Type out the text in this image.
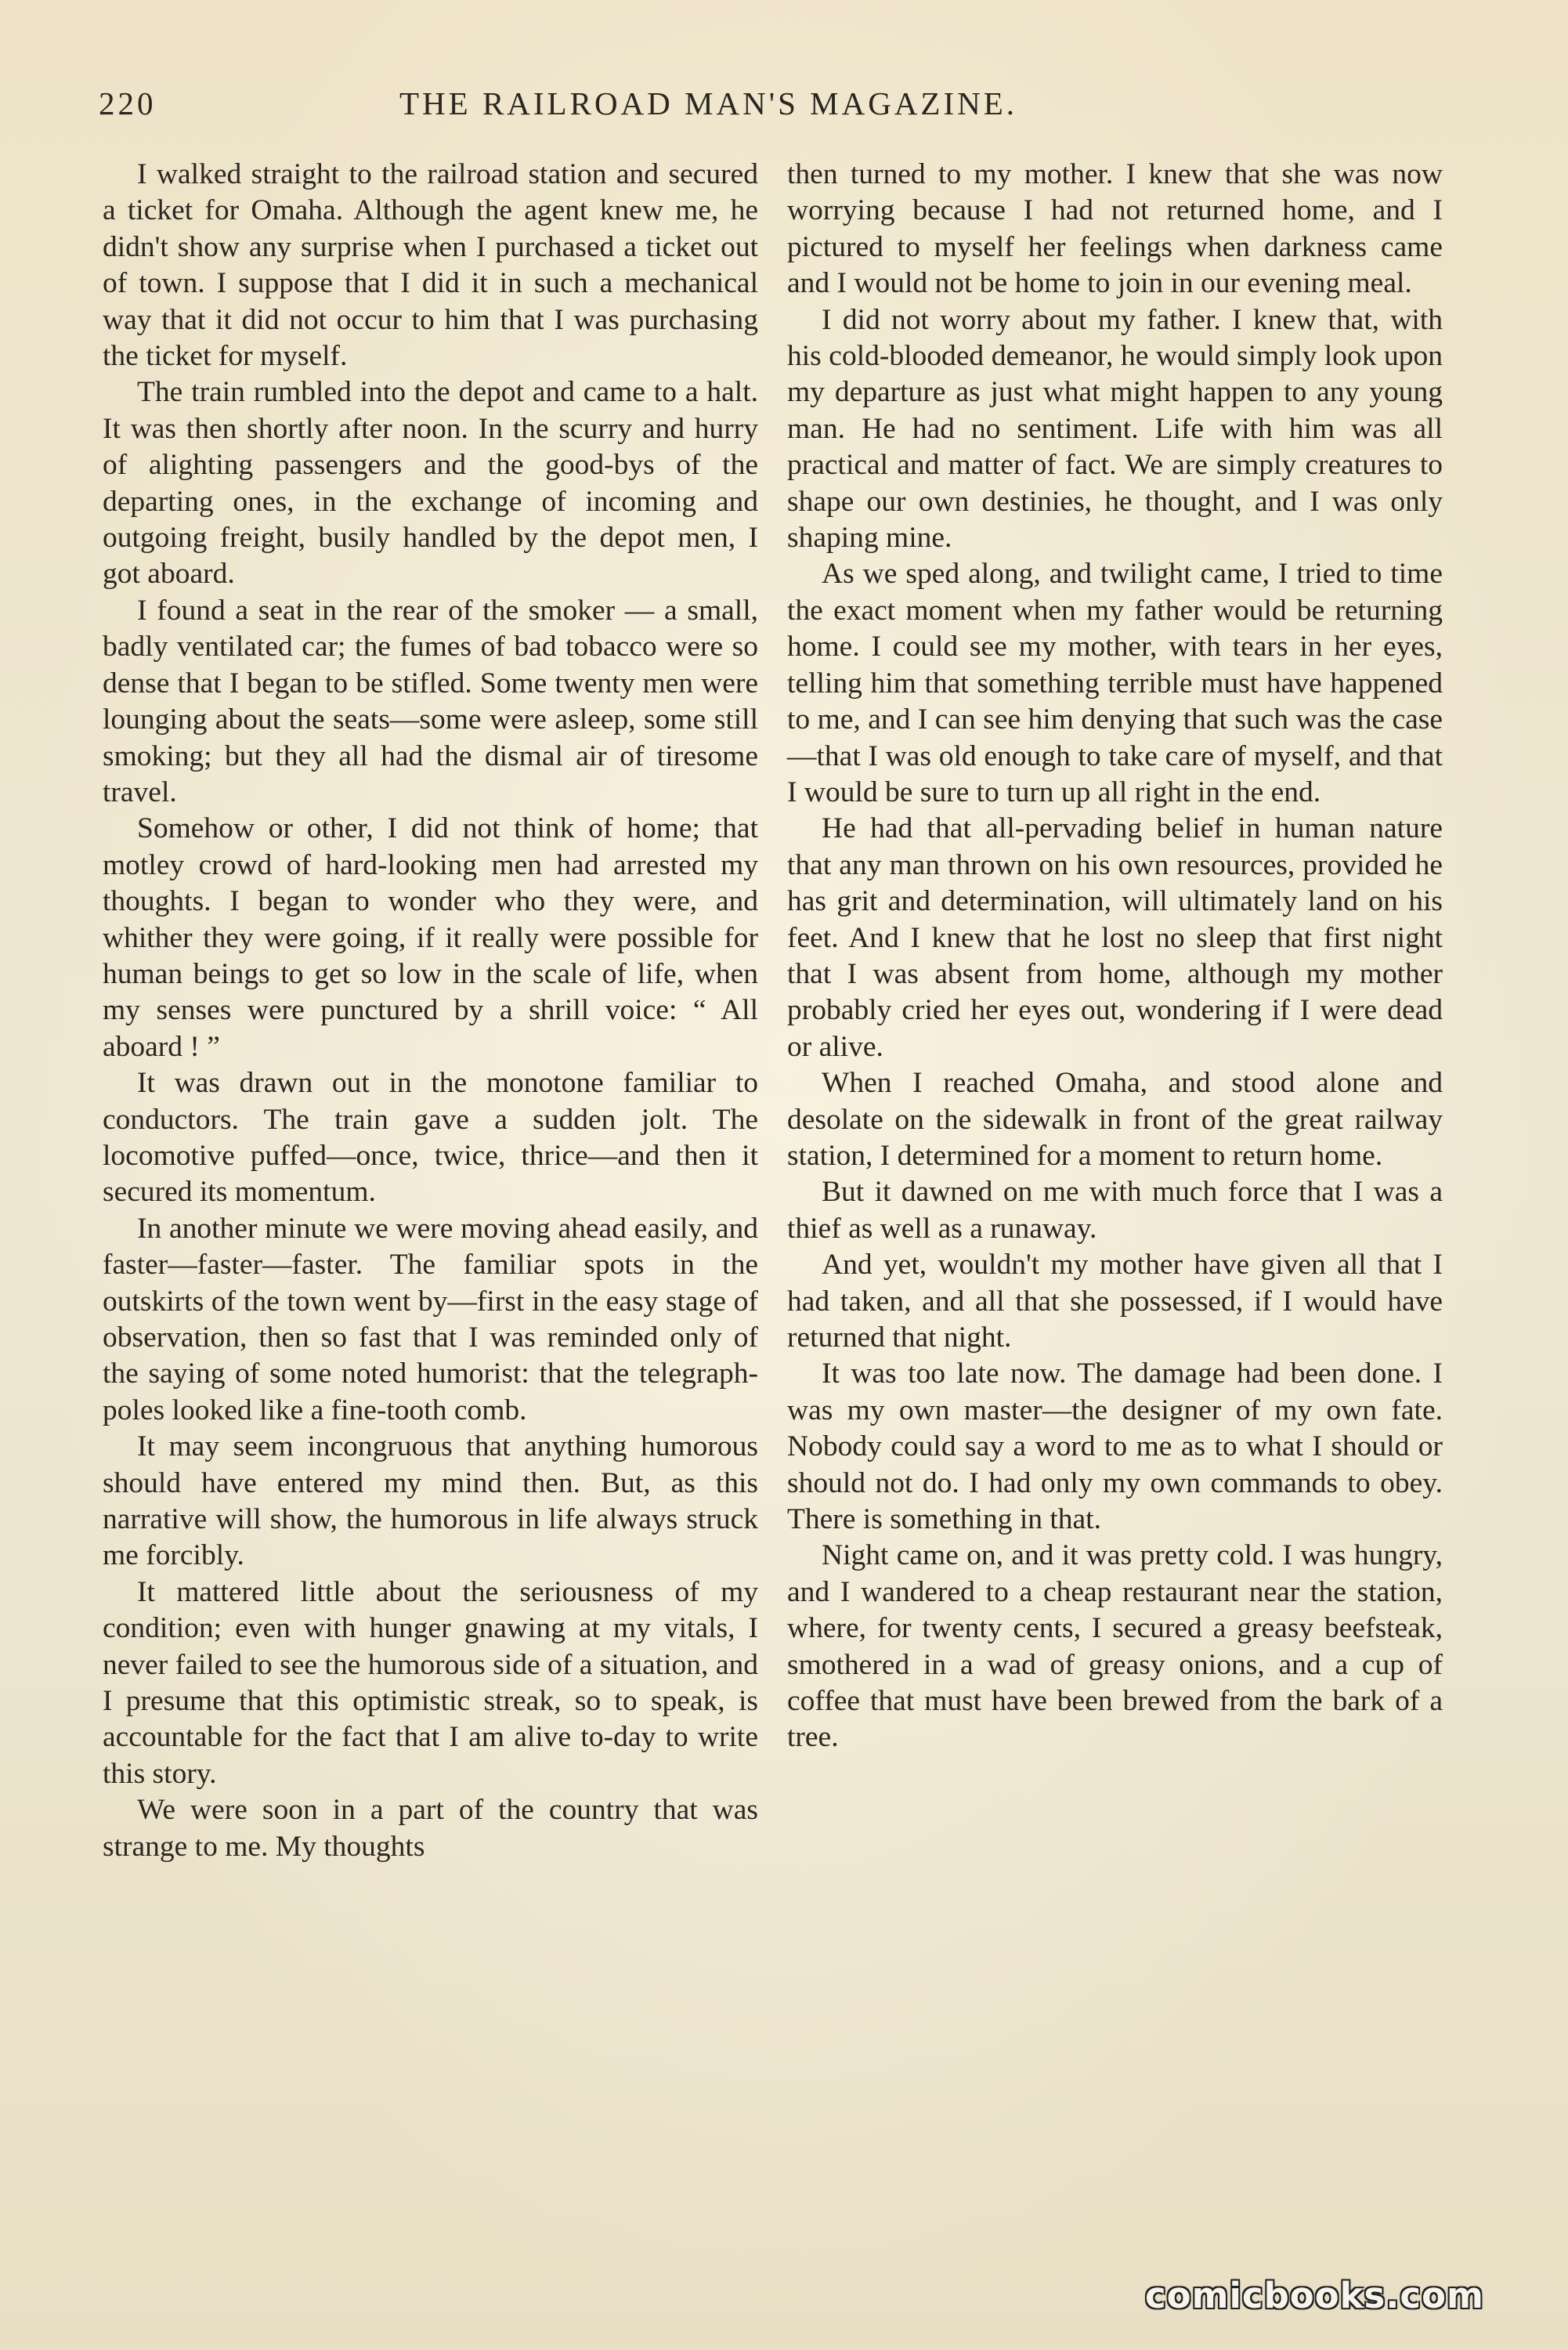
220	THE RAILROAD MAN'S MAGAZINE.

I walked straight to the railroad station and secured a ticket for Omaha. Although the agent knew me, he didn't show any surprise when I purchased a ticket out of town. I suppose that I did it in such a mechanical way that it did not occur to him that I was purchasing the ticket for myself.

The train rumbled into the depot and came to a halt. It was then shortly after noon. In the scurry and hurry of alighting passengers and the good-bys of the departing ones, in the exchange of incoming and outgoing freight, busily handled by the depot men, I got aboard.

I found a seat in the rear of the smoker — a small, badly ventilated car; the fumes of bad tobacco were so dense that I began to be stifled. Some twenty men were lounging about the seats—some were asleep, some still smoking; but they all had the dismal air of tiresome travel.

Somehow or other, I did not think of home; that motley crowd of hard-looking men had arrested my thoughts. I began to wonder who they were, and whither they were going, if it really were possible for human beings to get so low in the scale of life, when my senses were punctured by a shrill voice: “ All aboard ! ”

It was drawn out in the monotone familiar to conductors. The train gave a sudden jolt. The locomotive puffed—once, twice, thrice—and then it secured its momentum.

In another minute we were moving ahead easily, and faster—faster—faster. The familiar spots in the outskirts of the town went by—first in the easy stage of observation, then so fast that I was reminded only of the saying of some noted humorist: that the telegraph-poles looked like a fine-tooth comb.

It may seem incongruous that anything humorous should have entered my mind then. But, as this narrative will show, the humorous in life always struck me forcibly.

It mattered little about the seriousness of my condition; even with hunger gnawing at my vitals, I never failed to see the humorous side of a situation, and I presume that this optimistic streak, so to speak, is accountable for the fact that I am alive to-day to write this story.

We were soon in a part of the country that was strange to me. My thoughts

then turned to my mother. I knew that she was now worrying because I had not returned home, and I pictured to myself her feelings when darkness came and I would not be home to join in our evening meal.

I did not worry about my father. I knew that, with his cold-blooded demeanor, he would simply look upon my departure as just what might happen to any young man. He had no sentiment. Life with him was all practical and matter of fact. We are simply creatures to shape our own destinies, he thought, and I was only shaping mine.

As we sped along, and twilight came, I tried to time the exact moment when my father would be returning home. I could see my mother, with tears in her eyes, telling him that something terrible must have happened to me, and I can see him denying that such was the case—that I was old enough to take care of myself, and that I would be sure to turn up all right in the end.

He had that all-pervading belief in human nature that any man thrown on his own resources, provided he has grit and determination, will ultimately land on his feet. And I knew that he lost no sleep that first night that I was absent from home, although my mother probably cried her eyes out, wondering if I were dead or alive.

When I reached Omaha, and stood alone and desolate on the sidewalk in front of the great railway station, I determined for a moment to return home.

But it dawned on me with much force that I was a thief as well as a runaway.

And yet, wouldn't my mother have given all that I had taken, and all that she possessed, if I would have returned that night.

It was too late now. The damage had been done. I was my own master—the designer of my own fate. Nobody could say a word to me as to what I should or should not do. I had only my own commands to obey. There is something in that.

Night came on, and it was pretty cold. I was hungry, and I wandered to a cheap restaurant near the station, where, for twenty cents, I secured a greasy beefsteak, smothered in a wad of greasy onions, and a cup of coffee that must have been brewed from the bark of a tree.

comicbooks.com
